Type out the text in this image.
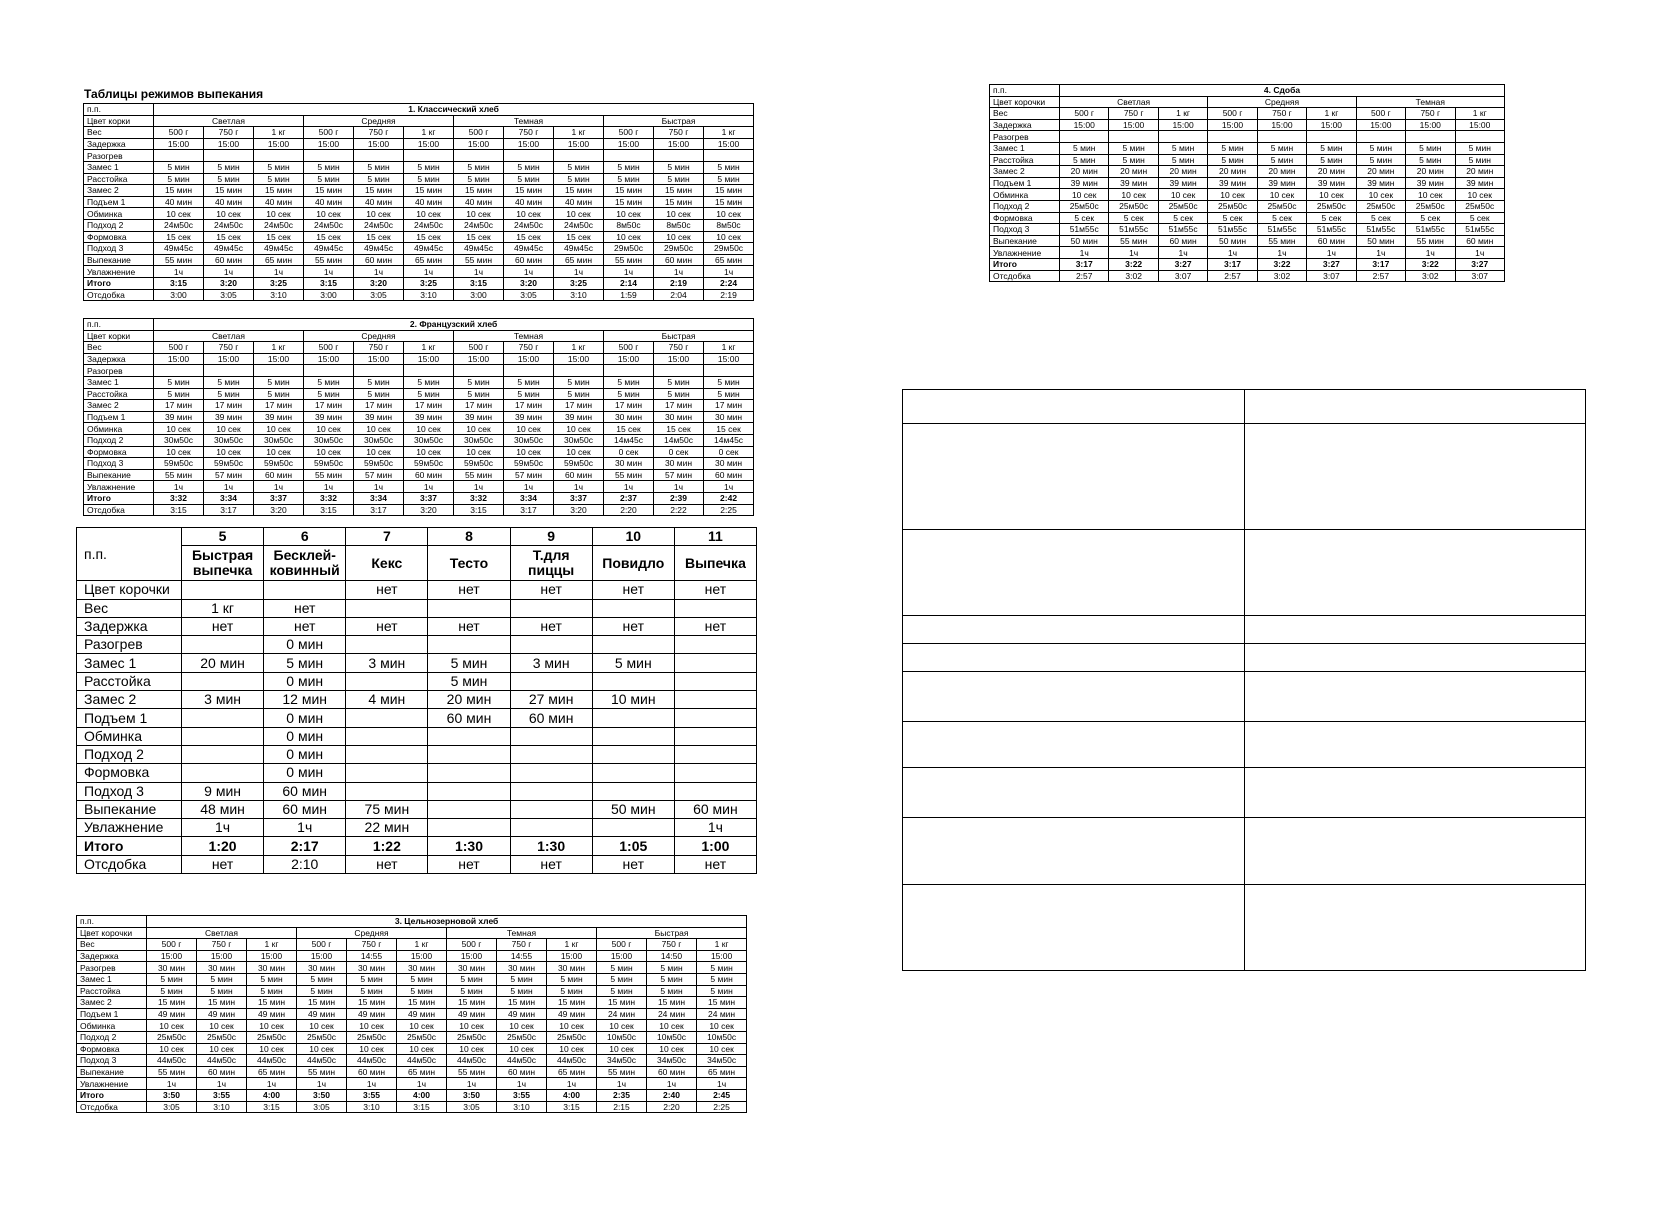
Таблицы режимов выпекания
п.п.	1. Классический хлеб											
Цвет корки	Светлая			Средняя			Темная			Быстрая		
Вес	500 г	750 г	1 кг	500 г	750 г	1 кг	500 г	750 г	1 кг	500 г	750 г	1 кг
Задержка	15:00	15:00	15:00	15:00	15:00	15:00	15:00	15:00	15:00	15:00	15:00	15:00
Разогрев												
Замес 1	5 мин	5 мин	5 мин	5 мин	5 мин	5 мин	5 мин	5 мин	5 мин	5 мин	5 мин	5 мин
Расстойка	5 мин	5 мин	5 мин	5 мин	5 мин	5 мин	5 мин	5 мин	5 мин	5 мин	5 мин	5 мин
Замес 2	15 мин	15 мин	15 мин	15 мин	15 мин	15 мин	15 мин	15 мин	15 мин	15 мин	15 мин	15 мин
Подъем 1	40 мин	40 мин	40 мин	40 мин	40 мин	40 мин	40 мин	40 мин	40 мин	15 мин	15 мин	15 мин
Обминка	10 сек	10 сек	10 сек	10 сек	10 сек	10 сек	10 сек	10 сек	10 сек	10 сек	10 сек	10 сек
Подход 2	24м50с	24м50с	24м50с	24м50с	24м50с	24м50с	24м50с	24м50с	24м50с	8м50с	8м50с	8м50с
Формовка	15 сек	15 сек	15 сек	15 сек	15 сек	15 сек	15 сек	15 сек	15 сек	10 сек	10 сек	10 сек
Подход 3	49м45с	49м45с	49м45с	49м45с	49м45с	49м45с	49м45с	49м45с	49м45с	29м50с	29м50с	29м50с
Выпекание	55 мин	60 мин	65 мин	55 мин	60 мин	65 мин	55 мин	60 мин	65 мин	55 мин	60 мин	65 мин
Увлажнение	1ч	1ч	1ч	1ч	1ч	1ч	1ч	1ч	1ч	1ч	1ч	1ч
Итого	3:15	3:20	3:25	3:15	3:20	3:25	3:15	3:20	3:25	2:14	2:19	2:24
Отсдобка	3:00	3:05	3:10	3:00	3:05	3:10	3:00	3:05	3:10	1:59	2:04	2:19
п.п.	2. Французский хлеб											
Цвет корки	Светлая			Средняя			Темная			Быстрая		
Вес	500 г	750 г	1 кг	500 г	750 г	1 кг	500 г	750 г	1 кг	500 г	750 г	1 кг
Задержка	15:00	15:00	15:00	15:00	15:00	15:00	15:00	15:00	15:00	15:00	15:00	15:00
Разогрев												
Замес 1	5 мин	5 мин	5 мин	5 мин	5 мин	5 мин	5 мин	5 мин	5 мин	5 мин	5 мин	5 мин
Расстойка	5 мин	5 мин	5 мин	5 мин	5 мин	5 мин	5 мин	5 мин	5 мин	5 мин	5 мин	5 мин
Замес 2	17 мин	17 мин	17 мин	17 мин	17 мин	17 мин	17 мин	17 мин	17 мин	17 мин	17 мин	17 мин
Подъем 1	39 мин	39 мин	39 мин	39 мин	39 мин	39 мин	39 мин	39 мин	39 мин	30 мин	30 мин	30 мин
Обминка	10 сек	10 сек	10 сек	10 сек	10 сек	10 сек	10 сек	10 сек	10 сек	15 сек	15 сек	15 сек
Подход 2	30м50с	30м50с	30м50с	30м50с	30м50с	30м50с	30м50с	30м50с	30м50с	14м45с	14м50с	14м45с
Формовка	10 сек	10 сек	10 сек	10 сек	10 сек	10 сек	10 сек	10 сек	10 сек	0 сек	0 сек	0 сек
Подход 3	59м50с	59м50с	59м50с	59м50с	59м50с	59м50с	59м50с	59м50с	59м50с	30 мин	30 мин	30 мин
Выпекание	55 мин	57 мин	60 мин	55 мин	57 мин	60 мин	55 мин	57 мин	60 мин	55 мин	57 мин	60 мин
Увлажнение	1ч	1ч	1ч	1ч	1ч	1ч	1ч	1ч	1ч	1ч	1ч	1ч
Итого	3:32	3:34	3:37	3:32	3:34	3:37	3:32	3:34	3:37	2:37	2:39	2:42
Отсдобка	3:15	3:17	3:20	3:15	3:17	3:20	3:15	3:17	3:20	2:20	2:22	2:25
п.п.	3. Цельнозерновой хлеб											
Цвет корочки	Светлая			Средняя			Темная			Быстрая		
Вес	500 г	750 г	1 кг	500 г	750 г	1 кг	500 г	750 г	1 кг	500 г	750 г	1 кг
Задержка	15:00	15:00	15:00	15:00	14:55	15:00	15:00	14:55	15:00	15:00	14:50	15:00
Разогрев	30 мин	30 мин	30 мин	30 мин	30 мин	30 мин	30 мин	30 мин	30 мин	5 мин	5 мин	5 мин
Замес 1	5 мин	5 мин	5 мин	5 мин	5 мин	5 мин	5 мин	5 мин	5 мин	5 мин	5 мин	5 мин
Расстойка	5 мин	5 мин	5 мин	5 мин	5 мин	5 мин	5 мин	5 мин	5 мин	5 мин	5 мин	5 мин
Замес 2	15 мин	15 мин	15 мин	15 мин	15 мин	15 мин	15 мин	15 мин	15 мин	15 мин	15 мин	15 мин
Подъем 1	49 мин	49 мин	49 мин	49 мин	49 мин	49 мин	49 мин	49 мин	49 мин	24 мин	24 мин	24 мин
Обминка	10 сек	10 сек	10 сек	10 сек	10 сек	10 сек	10 сек	10 сек	10 сек	10 сек	10 сек	10 сек
Подход 2	25м50с	25м50с	25м50с	25м50с	25м50с	25м50с	25м50с	25м50с	25м50с	10м50с	10м50с	10м50с
Формовка	10 сек	10 сек	10 сек	10 сек	10 сек	10 сек	10 сек	10 сек	10 сек	10 сек	10 сек	10 сек
Подход 3	44м50с	44м50с	44м50с	44м50с	44м50с	44м50с	44м50с	44м50с	44м50с	34м50с	34м50с	34м50с
Выпекание	55 мин	60 мин	65 мин	55 мин	60 мин	65 мин	55 мин	60 мин	65 мин	55 мин	60 мин	65 мин
Увлажнение	1ч	1ч	1ч	1ч	1ч	1ч	1ч	1ч	1ч	1ч	1ч	1ч
Итого	3:50	3:55	4:00	3:50	3:55	4:00	3:50	3:55	4:00	2:35	2:40	2:45
Отсдобка	3:05	3:10	3:15	3:05	3:10	3:15	3:05	3:10	3:15	2:15	2:20	2:25
п.п.	4. Сдоба								
Цвет корочки	Светлая			Средняя			Темная		
Вес	500 г	750 г	1 кг	500 г	750 г	1 кг	500 г	750 г	1 кг
Задержка	15:00	15:00	15:00	15:00	15:00	15:00	15:00	15:00	15:00
Разогрев									
Замес 1	5 мин	5 мин	5 мин	5 мин	5 мин	5 мин	5 мин	5 мин	5 мин
Расстойка	5 мин	5 мин	5 мин	5 мин	5 мин	5 мин	5 мин	5 мин	5 мин
Замес 2	20 мин	20 мин	20 мин	20 мин	20 мин	20 мин	20 мин	20 мин	20 мин
Подъем 1	39 мин	39 мин	39 мин	39 мин	39 мин	39 мин	39 мин	39 мин	39 мин
Обминка	10 сек	10 сек	10 сек	10 сек	10 сек	10 сек	10 сек	10 сек	10 сек
Подход 2	25м50с	25м50с	25м50с	25м50с	25м50с	25м50с	25м50с	25м50с	25м50с
Формовка	5 сек	5 сек	5 сек	5 сек	5 сек	5 сек	5 сек	5 сек	5 сек
Подход 3	51м55с	51м55с	51м55с	51м55с	51м55с	51м55с	51м55с	51м55с	51м55с
Выпекание	50 мин	55 мин	60 мин	50 мин	55 мин	60 мин	50 мин	55 мин	60 мин
Увлажнение	1ч	1ч	1ч	1ч	1ч	1ч	1ч	1ч	1ч
Итого	3:17	3:22	3:27	3:17	3:22	3:27	3:17	3:22	3:27
Отсдобка	2:57	3:02	3:07	2:57	3:02	3:07	2:57	3:02	3:07
п.п.	5	6	7	8	9	10	11
	Быстрая выпечка	Бесклей-ковинный	Кекс	Тесто	Т.для пиццы	Повидло	Выпечка
Цвет корочки			нет	нет	нет	нет	нет
Вес	1 кг	нет					
Задержка	нет	нет	нет	нет	нет	нет	нет
Разогрев		0 мин					
Замес 1	20 мин	5 мин	3 мин	5 мин	3 мин	5 мин	
Расстойка		0 мин		5 мин			
Замес 2	3 мин	12 мин	4 мин	20 мин	27 мин	10 мин	
Подъем 1		0 мин		60 мин	60 мин		
Обминка		0 мин					
Подход 2		0 мин					
Формовка		0 мин					
Подход 3	9 мин	60 мин					
Выпекание	48 мин	60 мин	75 мин			50 мин	60 мин
Увлажнение	1ч	1ч	22 мин				1ч
Итого	1:20	2:17	1:22	1:30	1:30	1:05	1:00
Отсдобка	нет	2:10	нет	нет	нет	нет	нет
